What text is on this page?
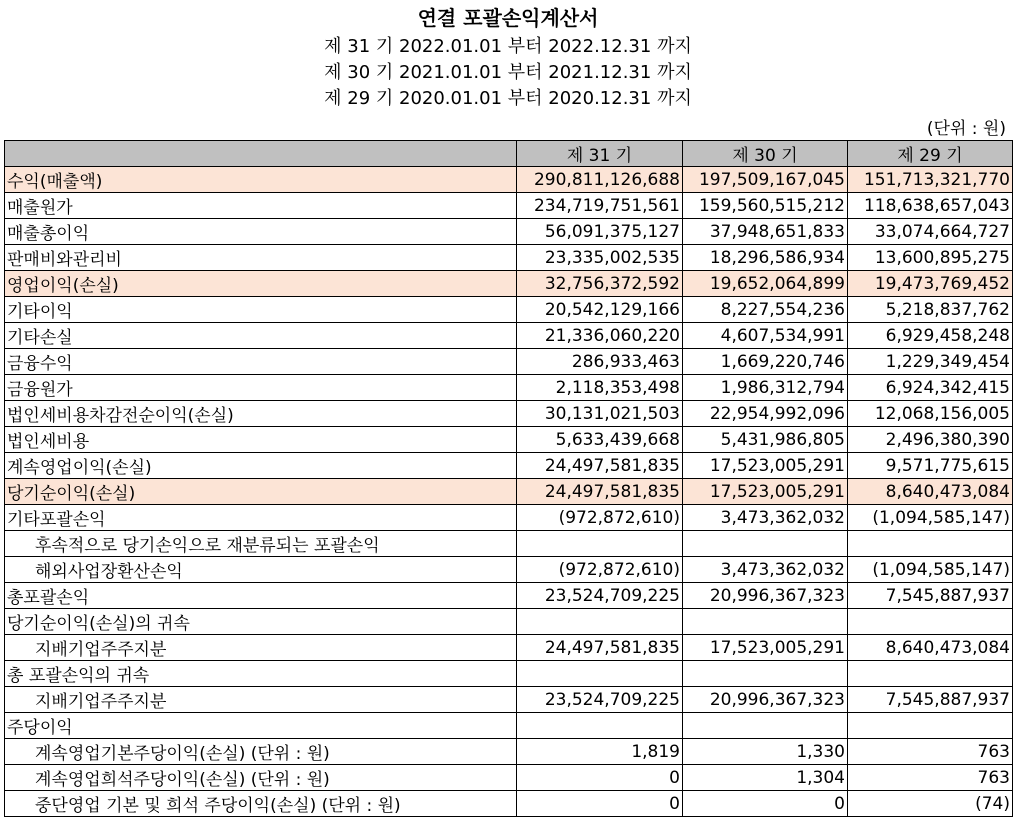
연결 포괄손익계산서
제 31 기 2022.01.01 부터 2022.12.31 까지
제 30 기 2021.01.01 부터 2021.12.31 까지
제 29 기 2020.01.01 부터 2020.12.31 까지
(단위 : 원)
	제 31 기	제 30 기	제 29 기
수익(매출액)	290,811,126,688	197,509,167,045	151,713,321,770
매출원가	234,719,751,561	159,560,515,212	118,638,657,043
매출총이익	56,091,375,127	37,948,651,833	33,074,664,727
판매비와관리비	23,335,002,535	18,296,586,934	13,600,895,275
영업이익(손실)	32,756,372,592	19,652,064,899	19,473,769,452
기타이익	20,542,129,166	8,227,554,236	5,218,837,762
기타손실	21,336,060,220	4,607,534,991	6,929,458,248
금융수익	286,933,463	1,669,220,746	1,229,349,454
금융원가	2,118,353,498	1,986,312,794	6,924,342,415
법인세비용차감전순이익(손실)	30,131,021,503	22,954,992,096	12,068,156,005
법인세비용	5,633,439,668	5,431,986,805	2,496,380,390
계속영업이익(손실)	24,497,581,835	17,523,005,291	9,571,775,615
당기순이익(손실)	24,497,581,835	17,523,005,291	8,640,473,084
기타포괄손익	(972,872,610)	3,473,362,032	(1,094,585,147)
후속적으로 당기손익으로 재분류되는 포괄손익			
해외사업장환산손익	(972,872,610)	3,473,362,032	(1,094,585,147)
총포괄손익	23,524,709,225	20,996,367,323	7,545,887,937
당기순이익(손실)의 귀속			
지배기업주주지분	24,497,581,835	17,523,005,291	8,640,473,084
총 포괄손익의 귀속			
지배기업주주지분	23,524,709,225	20,996,367,323	7,545,887,937
주당이익			
계속영업기본주당이익(손실) (단위 : 원)	1,819	1,330	763
계속영업희석주당이익(손실) (단위 : 원)	0	1,304	763
중단영업 기본 및 희석 주당이익(손실) (단위 : 원)	0	0	(74)
